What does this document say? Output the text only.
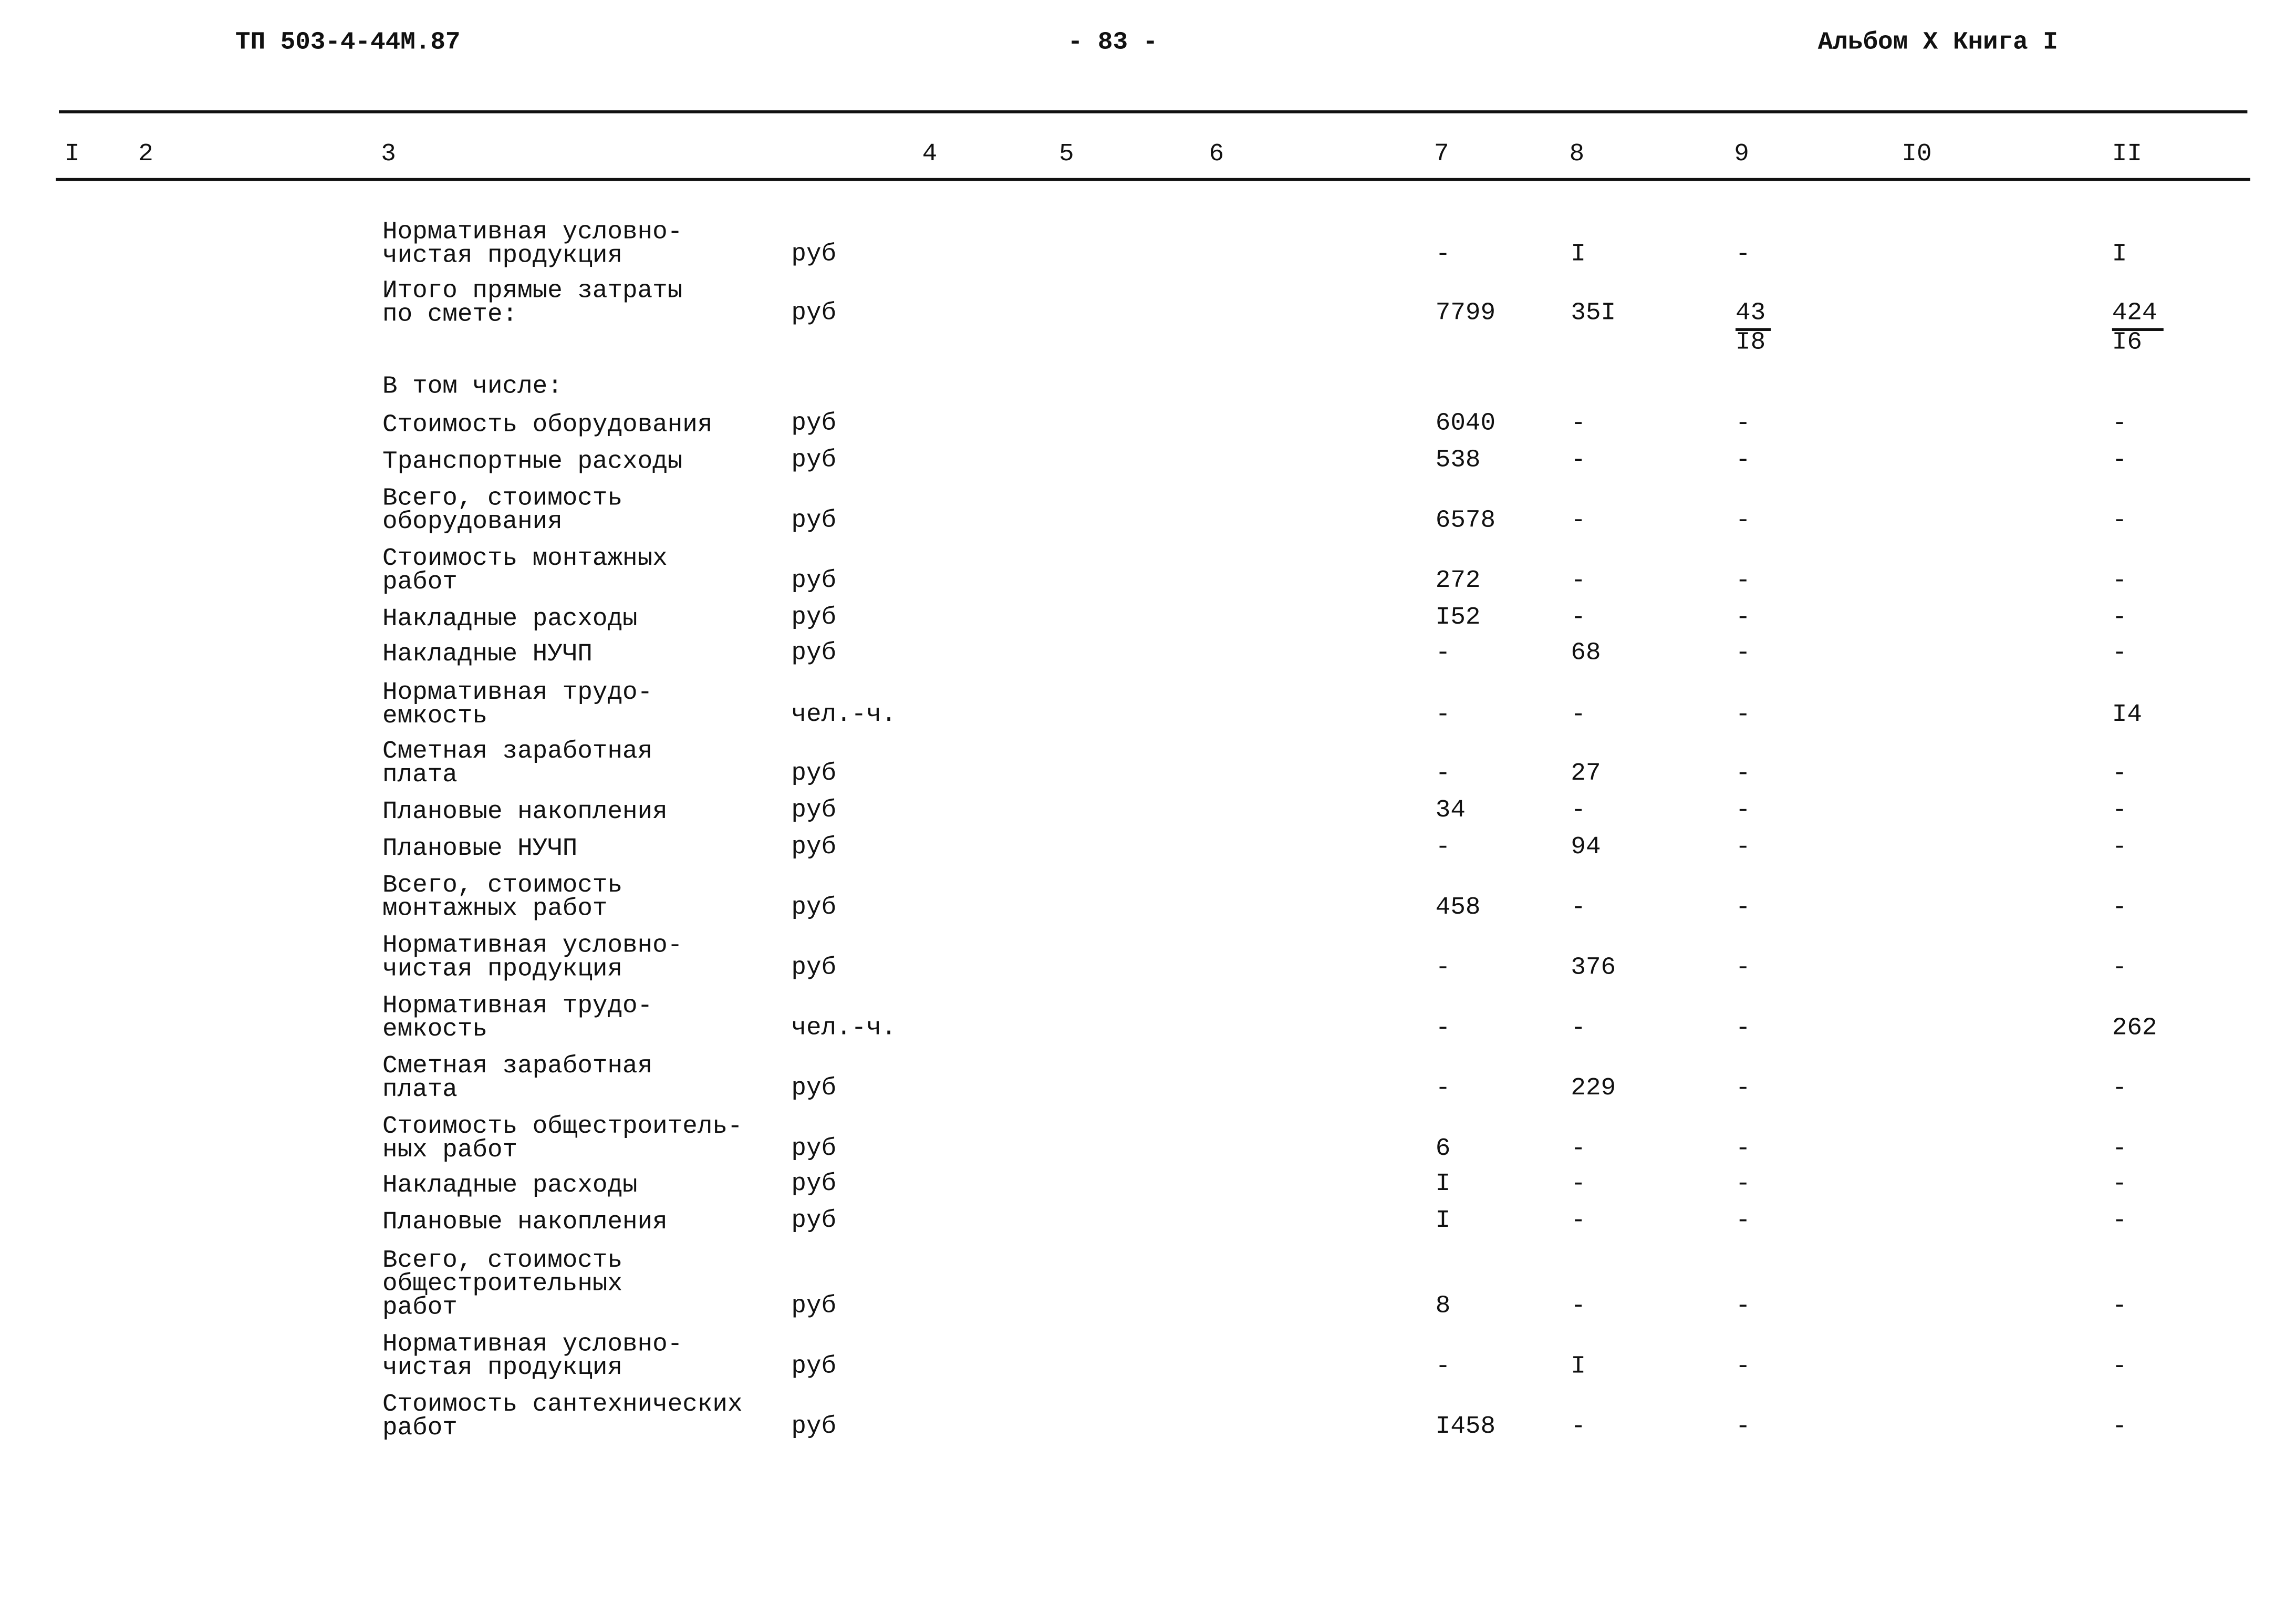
ТП 503-4-44М.87	- 83 -	Альбом X Книга I
I	2	3	4	5	6	7	8	9	I0	II
Нормативная условно-
чистая продукция	руб	-	I	-	I
Итого прямые затраты
по смете:	руб	7799	35I	$\frac{43}{I8}$	$\frac{424}{I6}$
В том числе:
Стоимость оборудования	руб	6040	-	-	-
Транспортные расходы	руб	538	-	-	-
Всего, стоимость
оборудования	руб	6578	-	-	-
Стоимость монтажных
работ	руб	272	-	-	-
Накладные расходы	руб	I52	-	-	-
Накладные НУЧП	руб	-	68	-	-
Нормативная трудо-
емкость	чел.-ч.	-	-	-	I4
Сметная заработная
плата	руб	-	27	-	-
Плановые накопления	руб	34	-	-	-
Плановые НУЧП	руб	-	94	-	-
Всего, стоимость
монтажных работ	руб	458	-	-	-
Нормативная условно-
чистая продукция	руб	-	376	-	-
Нормативная трудо-
емкость	чел.-ч.	-	-	-	262
Сметная заработная
плата	руб	-	229	-	-
Стоимость общестроитель-
ных работ	руб	6	-	-	-
Накладные расходы	руб	I	-	-	-
Плановые накопления	руб	I	-	-	-
Всего, стоимость
общестроительных
работ	руб	8	-	-	-
Нормативная условно-
чистая продукция	руб	-	I	-	-
Стоимость сантехнических
работ	руб	I458	-	-	-
